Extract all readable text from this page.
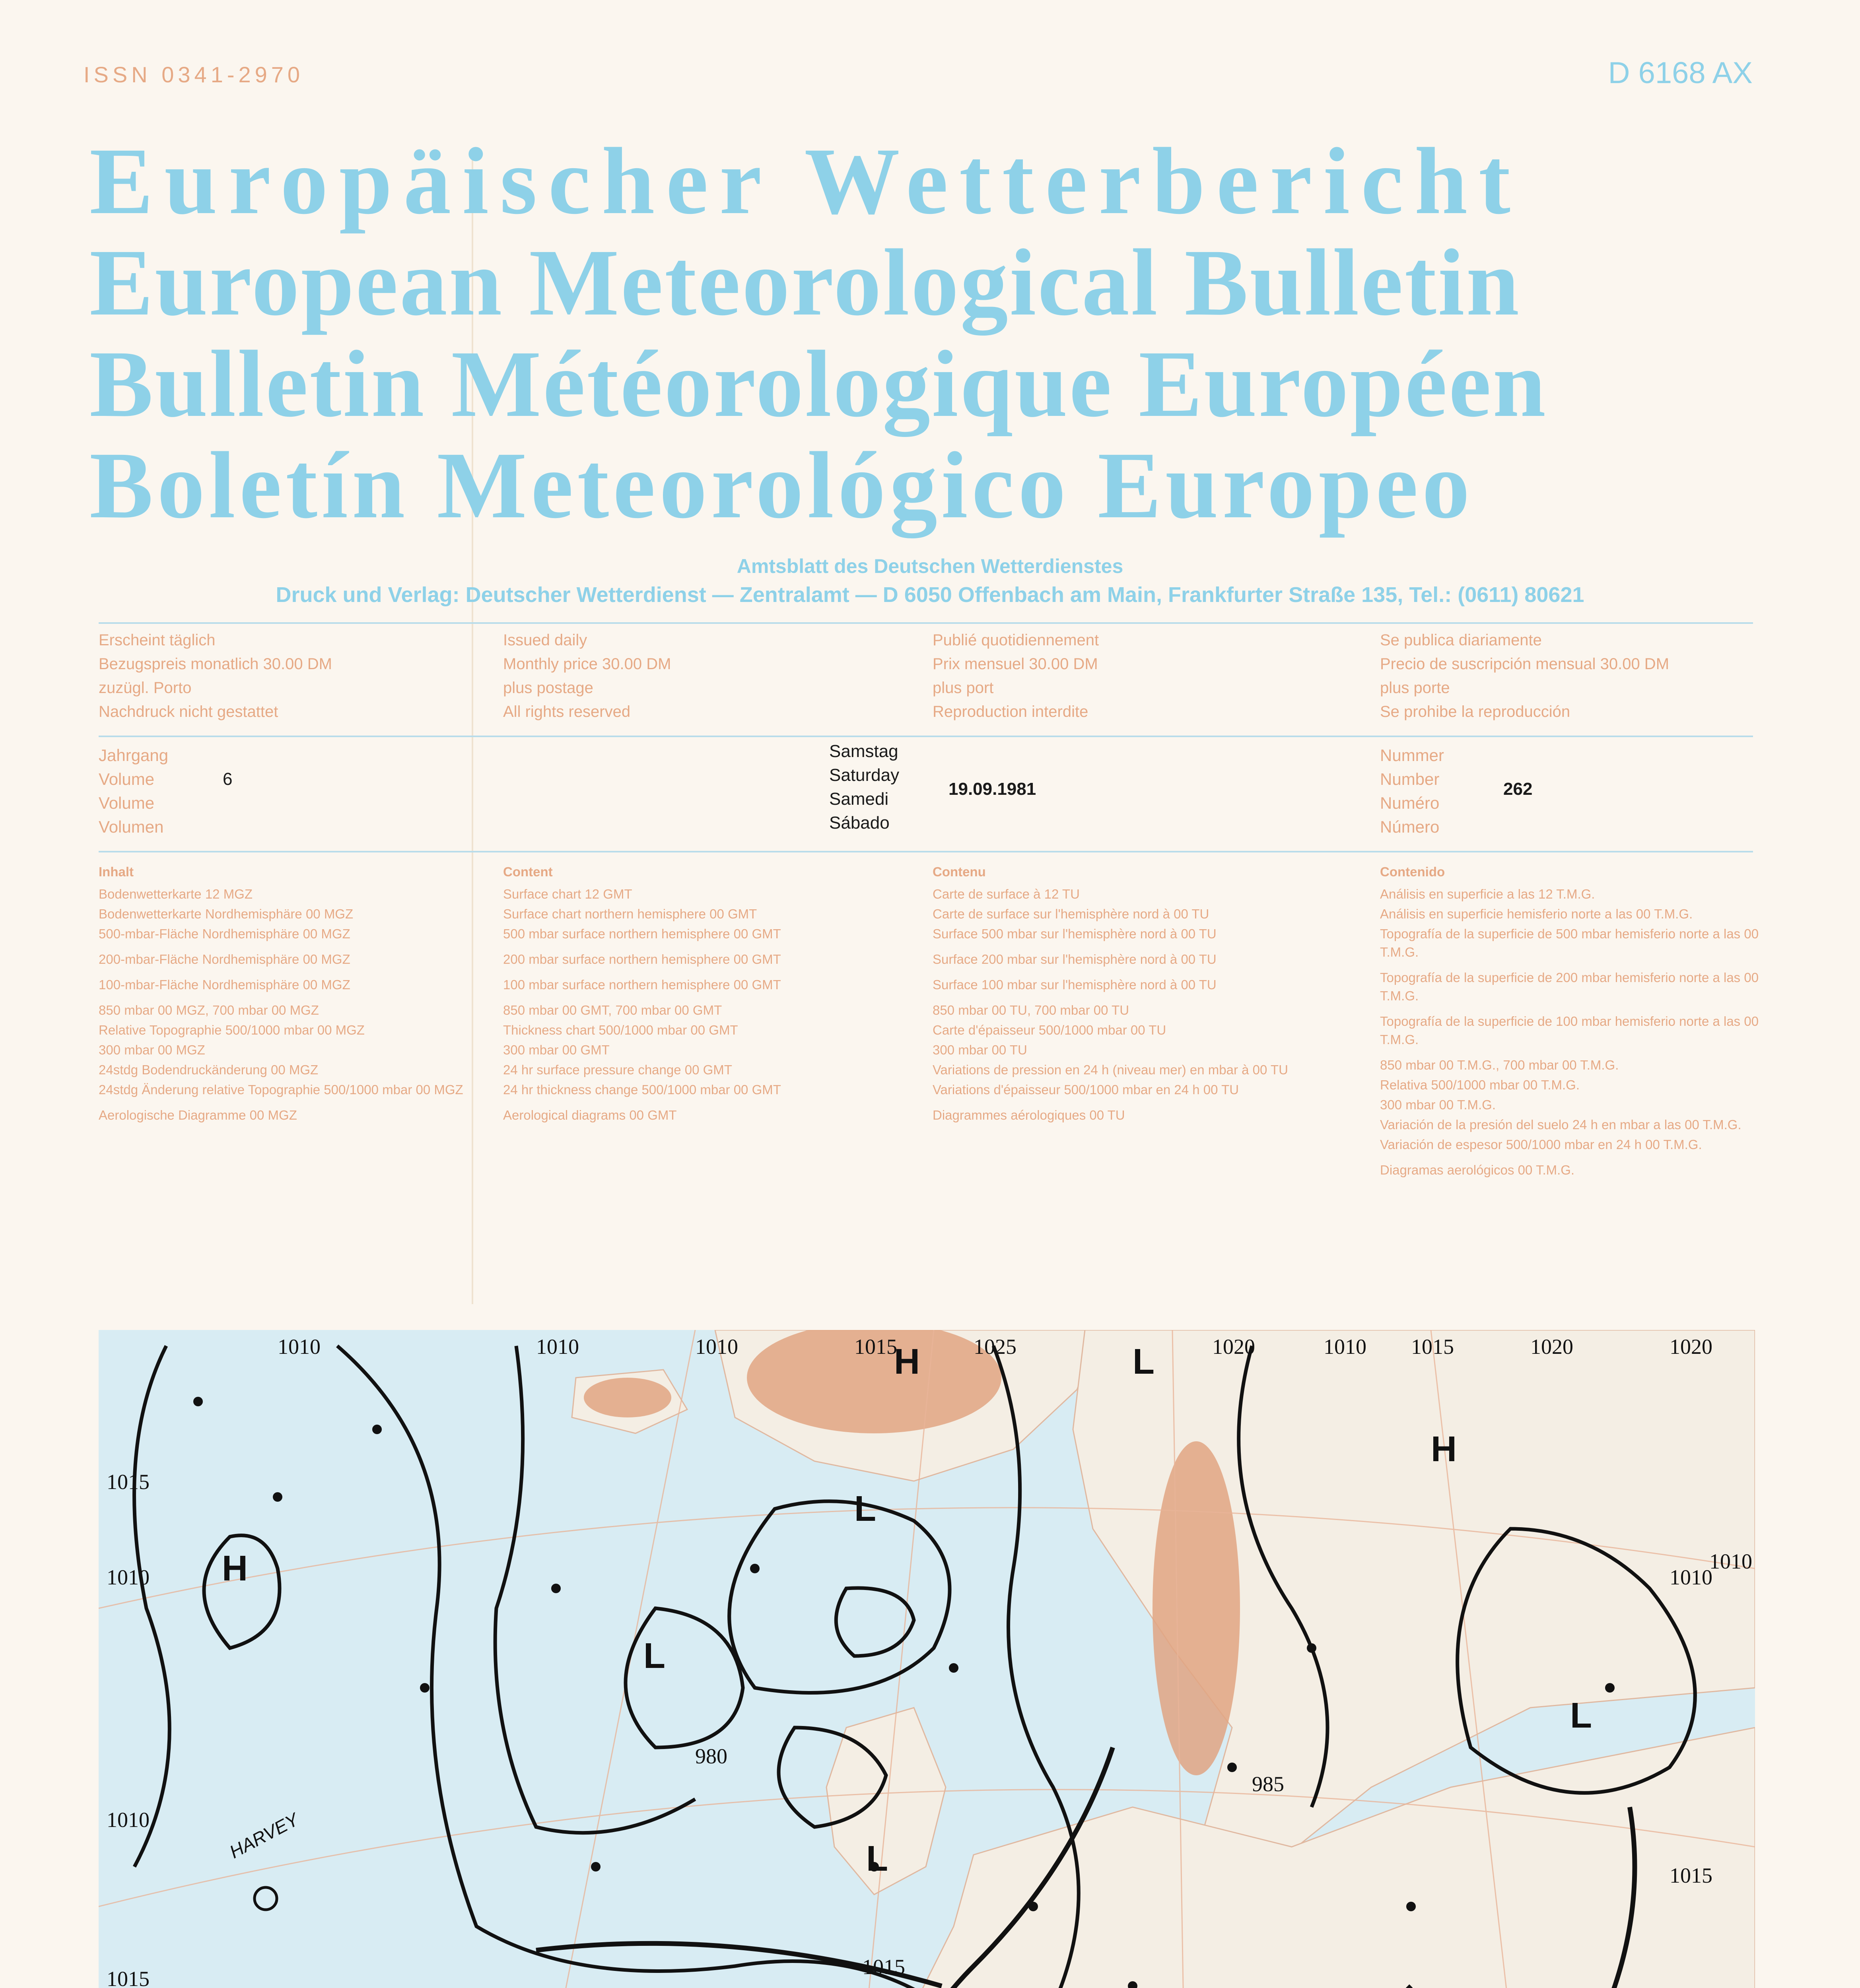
ISSN 0341-2970	D 6168 AX
Europäischer Wetterbericht
European Meteorological Bulletin
Bulletin Météorologique Européen
Boletín Meteorológico Europeo
Amtsblatt des Deutschen Wetterdienstes
Druck und Verlag: Deutscher Wetterdienst — Zentralamt — D 6050 Offenbach am Main, Frankfurter Straße 135, Tel.: (0611) 80621
Erscheint täglich
Bezugspreis monatlich 30.00 DM
zuzügl. Porto
Nachdruck nicht gestattet
Issued daily
Monthly price 30.00 DM
plus postage
All rights reserved
Publié quotidiennement
Prix mensuel 30.00 DM
plus port
Reproduction interdite
Se publica diariamente
Precio de suscripción mensual 30.00 DM
plus porte
Se prohibe la reproducción
Jahrgang
Volume
Volume
Volumen
6
Samstag
Saturday
Samedi
Sábado
19.09.1981
Nummer
Number
Numéro
Número
262
Inhalt
Bodenwetterkarte 12 MGZ
Bodenwetterkarte Nordhemisphäre 00 MGZ
500-mbar-Fläche Nordhemisphäre 00 MGZ
200-mbar-Fläche Nordhemisphäre 00 MGZ
100-mbar-Fläche Nordhemisphäre 00 MGZ
850 mbar 00 MGZ, 700 mbar 00 MGZ
Relative Topographie 500/1000 mbar 00 MGZ
300 mbar 00 MGZ
24stdg Bodendruckänderung 00 MGZ
24stdg Änderung relative Topographie 500/1000 mbar 00 MGZ
Aerologische Diagramme 00 MGZ
Content
Surface chart 12 GMT
Surface chart northern hemisphere 00 GMT
500 mbar surface northern hemisphere 00 GMT
200 mbar surface northern hemisphere 00 GMT
100 mbar surface northern hemisphere 00 GMT
850 mbar 00 GMT, 700 mbar 00 GMT
Thickness chart 500/1000 mbar 00 GMT
300 mbar 00 GMT
24 hr surface pressure change 00 GMT
24 hr thickness change 500/1000 mbar 00 GMT
Aerological diagrams 00 GMT
Contenu
Carte de surface à 12 TU
Carte de surface sur l'hemisphère nord à 00 TU
Surface 500 mbar sur l'hemisphère nord à 00 TU
Surface 200 mbar sur l'hemisphère nord à 00 TU
Surface 100 mbar sur l'hemisphère nord à 00 TU
850 mbar 00 TU, 700 mbar 00 TU
Carte d'épaisseur 500/1000 mbar 00 TU
300 mbar 00 TU
Variations de pression en 24 h (niveau mer) en mbar à 00 TU
Variations d'épaisseur 500/1000 mbar en 24 h 00 TU
Diagrammes aérologiques 00 TU
Contenido
Análisis en superficie a las 12 T.M.G.
Análisis en superficie hemisferio norte a las 00 T.M.G.
Topografía de la superficie de 500 mbar hemisferio norte a las 00 T.M.G.
Topografía de la superficie de 200 mbar hemisferio norte a las 00 T.M.G.
Topografía de la superficie de 100 mbar hemisferio norte a las 00 T.M.G.
850 mbar 00 T.M.G., 700 mbar 00 T.M.G.
Relativa 500/1000 mbar 00 T.M.G.
300 mbar 00 T.M.G.
Variación de la presión del suelo 24 h en mbar a las 00 T.M.G.
Variación de espesor 500/1000 mbar en 24 h 00 T.M.G.
Diagramas aerológicos 00 T.M.G.
1010	1010	1010	1015	1025	1020	1010 1015	1020	1020
1015
1010
1010
1010
1015
1010
1015
985
980
1015
H
H
H
L
L
L
L
L
HARVEY
